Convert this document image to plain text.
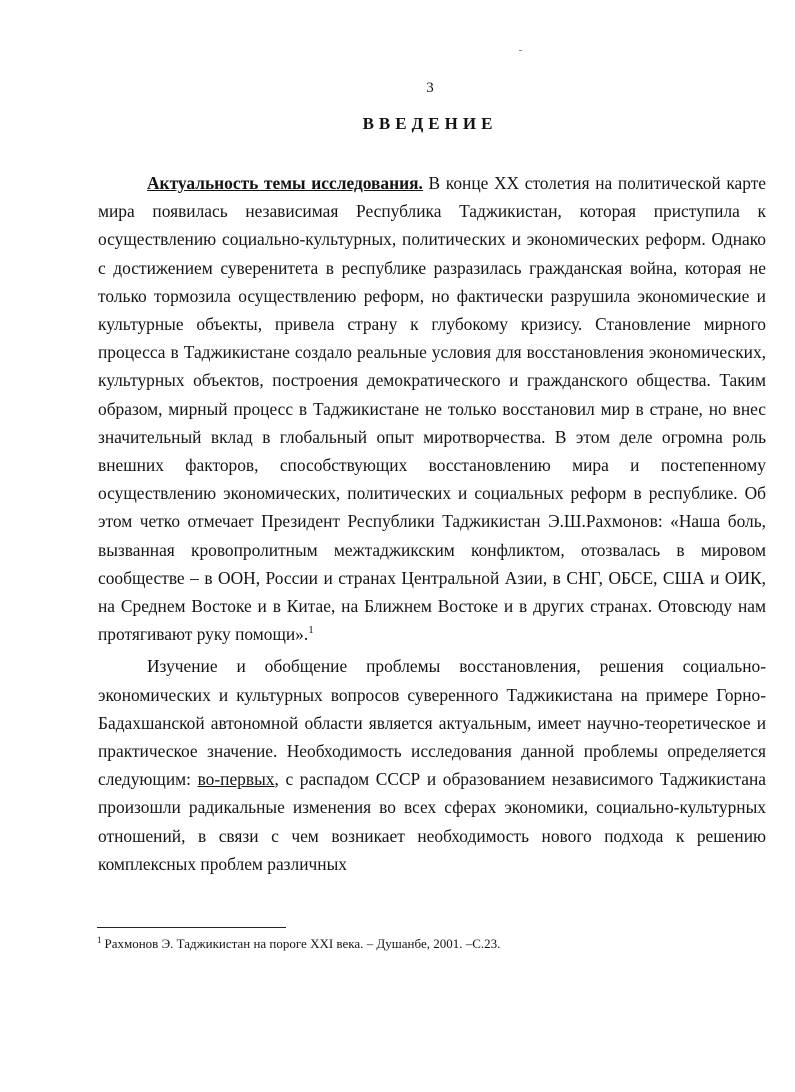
3

ВВЕДЕНИЕ

Актуальность темы исследования. В конце XX столетия на политической карте мира появилась независимая Республика Таджикистан, которая приступила к осуществлению социально-культурных, политических и экономических реформ. Однако с достижением суверенитета в республике разразилась гражданская война, которая не только тормозила осуществлению реформ, но фактически разрушила экономические и культурные объекты, привела страну к глубокому кризису. Становление мирного процесса в Таджикистане создало реальные условия для восстановления экономических, культурных объектов, построения демократического и гражданского общества. Таким образом, мирный процесс в Таджикистане не только восстановил мир в стране, но внес значительный вклад в глобальный опыт миротворчества. В этом деле огромна роль внешних факторов, способствующих восстановлению мира и постепенному осуществлению экономических, политических и социальных реформ в республике. Об этом четко отмечает Президент Республики Таджикистан Э.Ш.Рахмонов: «Наша боль, вызванная кровопролитным межтаджикским конфликтом, отозвалась в мировом сообществе – в ООН, России и странах Центральной Азии, в СНГ, ОБСЕ, США и ОИК, на Среднем Востоке и в Китае, на Ближнем Востоке и в других странах. Отовсюду нам протягивают руку помощи».$^1$

Изучение и обобщение проблемы восстановления, решения социально-экономических и культурных вопросов суверенного Таджикистана на примере Горно-Бадахшанской автономной области является актуальным, имеет научно-теоретическое и практическое значение. Необходимость исследования данной проблемы определяется следующим: во-первых, с распадом СССР и образованием независимого Таджикистана произошли радикальные изменения во всех сферах экономики, социально-культурных отношений, в связи с чем возникает необходимость нового подхода к решению комплексных проблем различных

$^1$ Рахмонов Э. Таджикистан на пороге XXI века. – Душанбе, 2001. –С.23.
